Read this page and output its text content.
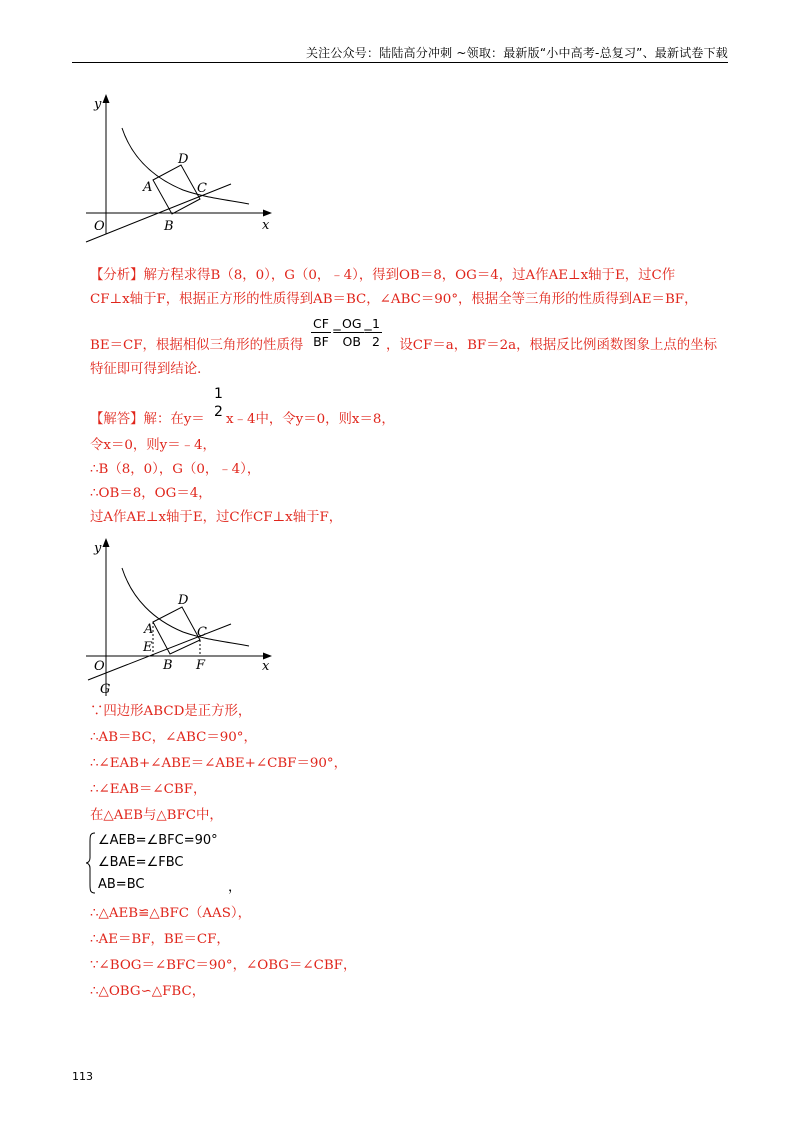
关注公众号：陆陆高分冲刺 ~领取：最新版“小中高考-总复习”、最新试卷下载
y
x
O
A
B
C
D
【分析】解方程求得B（8，0），G（0，﹣4），得到OB＝8，OG＝4，过A作AE⊥x轴于E，过C作
CF⊥x轴于F，根据正方形的性质得到AB＝BC，∠ABC＝90°，根据全等三角形的性质得到AE＝BF，
BE＝CF，根据相似三角形的性质得 $\frac{CF}{BF}$ =
$\frac{OG}{OB}$ =
$\frac{1}{2}$ ，设CF＝a，BF＝2a，根据反比例函数图象上点的坐标
特征即可得到结论．
【解答】解：在y＝
1
2 x﹣4中，令y＝0，则x＝8，
令x＝0，则y＝﹣4，
∴B（8，0），G（0，﹣4），
∴OB＝8，OG＝4，
过A作AE⊥x轴于E，过C作CF⊥x轴于F，
y
x
O
A
E
B
C
D
F
G
∵四边形ABCD是正方形，
∴AB＝BC，∠ABC＝90°，
∴∠EAB+∠ABE＝∠ABE+∠CBF＝90°，
∴∠EAB＝∠CBF，
在△AEB与△BFC中，
∠AEB=∠BFC=90°
∠BAE=∠FBC
AB=BC	，
∴△AEB≌△BFC（AAS），
∴AE＝BF，BE＝CF，
∵∠BOG＝∠BFC＝90°，∠OBG＝∠CBF，
∴△OBG∽△FBC，
113
